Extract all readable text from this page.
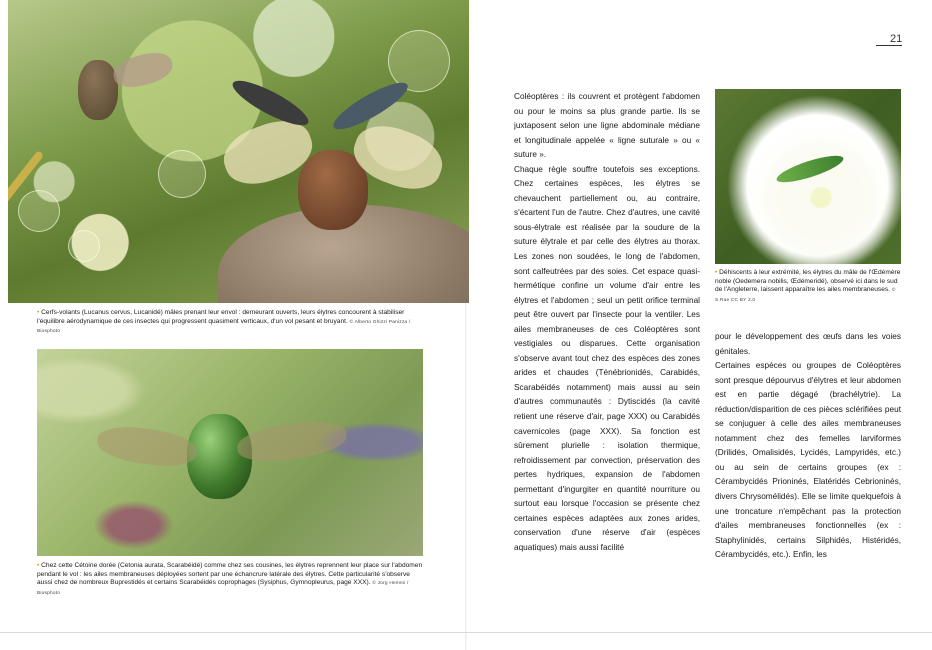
• Cerfs-volants (Lucanus cervus, Lucanidé) mâles prenant leur envol : demeurant ouverts, leurs élytres concourent à stabiliser l'équilibre aérodynamique de ces insectes qui progressent quasiment verticaux, d'un vol pesant et bruyant. © Alberto Ghizzi Panizza / Biosphoto
• Chez cette Cétoine dorée (Cetonia aurata, Scarabéidé) comme chez ses cousines, les élytres reprennent leur place sur l'abdomen pendant le vol : les ailes membraneuses déployées sortent par une échancrure latérale des élytres. Cette particularité s'observe aussi chez de nombreux Buprestidés et certains Scarabéidés coprophages (Sysiphus, Gymnopleurus, page XXX). © Jorg Hemmi / Biosphoto
• Déhiscents à leur extrémité, les élytres du mâle de l'Œdémère noble (Oedemera nobilis, Œdémeridé), observé ici dans le sud de l'Angleterre, laissent apparaître les ailes membraneuses. © S.Rae CC BY 2.0
21

Coléoptères : ils couvrent et protègent l'abdomen ou pour le moins sa plus grande partie. Ils se juxtaposent selon une ligne abdominale médiane et longitudinale appelée « ligne suturale » ou « suture ».

Chaque règle souffre toutefois ses exceptions. Chez certaines espèces, les élytres se chevauchent partiellement ou, au contraire, s'écartent l'un de l'autre. Chez d'autres, une cavité sous-élytrale est réalisée par la soudure de la suture élytrale et par celle des élytres au thorax. Les zones non soudées, le long de l'abdomen, sont calfeutrées par des soies. Cet espace quasi-hermétique confine un volume d'air entre les élytres et l'abdomen ; seul un petit orifice terminal peut être ouvert par l'insecte pour la ventiler. Les ailes membraneuses de ces Coléoptères sont vestigiales ou disparues. Cette organisation s'observe avant tout chez des espèces des zones arides et chaudes (Ténébrionidés, Carabidés, Scarabéidés notamment) mais aussi au sein d'autres communautés : Dytiscidés (la cavité retient une réserve d'air, page XXX) ou Carabidés cavernicoles (page XXX). Sa fonction est sûrement plurielle : isolation thermique, refroidissement par convection, préservation des pertes hydriques, expansion de l'abdomen permettant d'ingurgiter en quantité nourriture ou surtout eau lorsque l'occasion se présente chez certaines espèces adaptées aux zones arides, conservation d'une réserve d'air (espèces aquatiques) mais aussi facilité

pour le développement des œufs dans les voies génitales.

Certaines espèces ou groupes de Coléoptères sont presque dépourvus d'élytres et leur abdomen est en partie dégagé (brachélytrie). La réduction/disparition de ces pièces sclérifiées peut se conjuguer à celle des ailes membraneuses notamment chez des femelles larviformes (Drilidés, Omalisidés, Lycidés, Lampyridés, etc.) ou au sein de certains groupes (ex : Cérambycidés Prioninés, Elatéridés Cebrioninés, divers Chrysomélidés). Elle se limite quelquefois à une troncature n'empêchant pas la protection d'ailes membraneuses fonctionnelles (ex : Staphylinidés, certains Silphidés, Histéridés, Cérambycidés, etc.). Enfin, les
